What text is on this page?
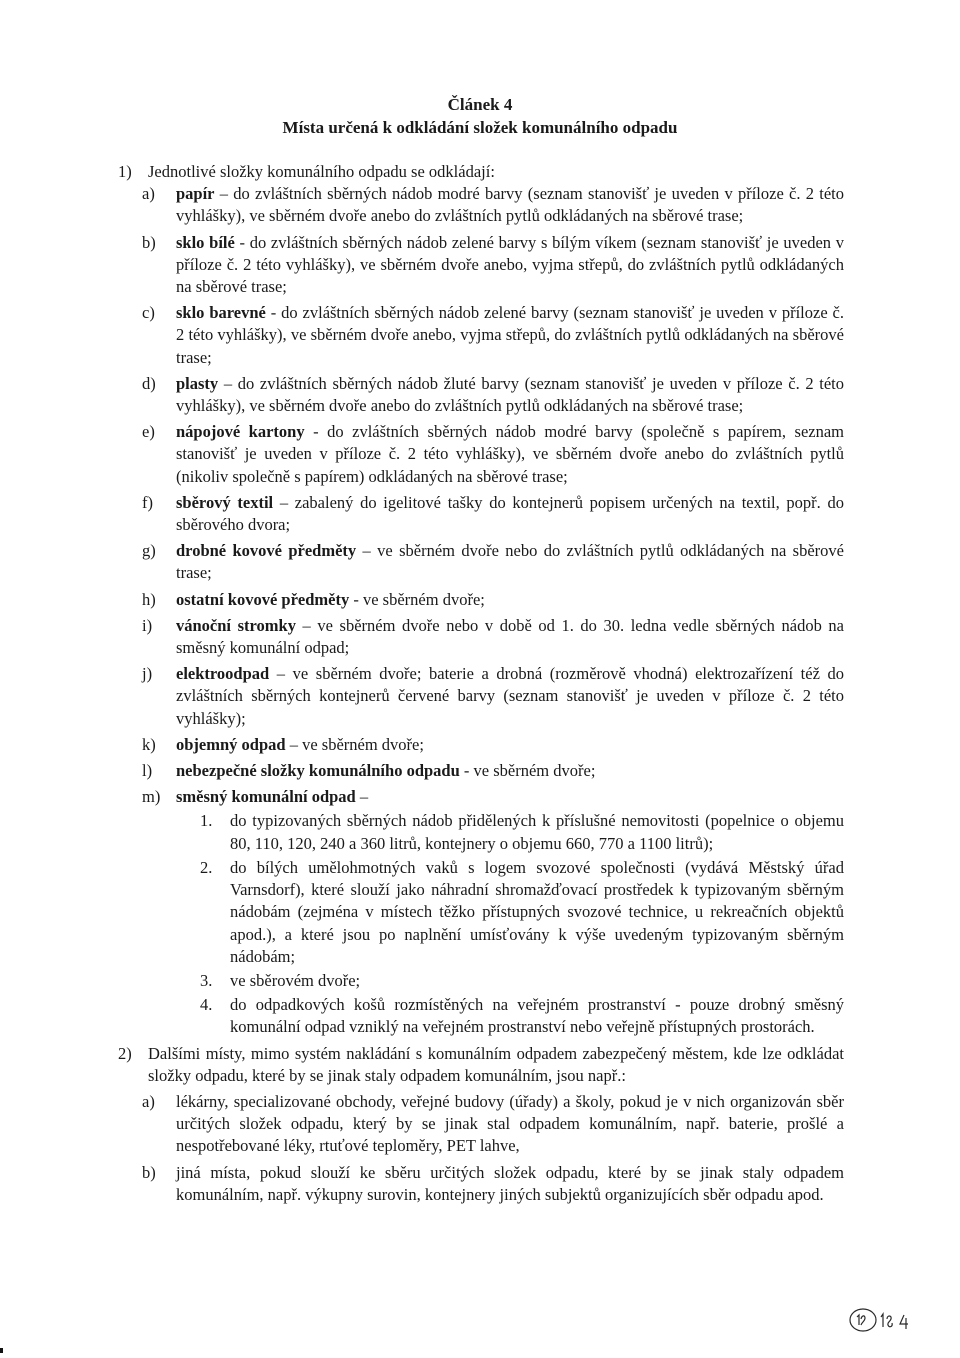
Článek 4
Místa určená k odkládání složek komunálního odpadu
1) Jednotlivé složky komunálního odpadu se odkládají:
a)	papír – do zvláštních sběrných nádob modré barvy (seznam stanovišť je uveden v příloze č. 2 této vyhlášky), ve sběrném dvoře anebo do zvláštních pytlů odkládaných na sběrové trase;
b)	sklo bílé - do zvláštních sběrných nádob zelené barvy s bílým víkem (seznam stanovišť je uveden v příloze č. 2 této vyhlášky), ve sběrném dvoře anebo, vyjma střepů, do zvláštních pytlů odkládaných na sběrové trase;
c)	sklo barevné - do zvláštních sběrných nádob zelené barvy (seznam stanovišť je uveden v příloze č. 2 této vyhlášky), ve sběrném dvoře anebo, vyjma střepů, do zvláštních pytlů odkládaných na sběrové trase;
d)	plasty – do zvláštních sběrných nádob žluté barvy (seznam stanovišť je uveden v příloze č. 2 této vyhlášky), ve sběrném dvoře anebo do zvláštních pytlů odkládaných na sběrové trase;
e)	nápojové kartony - do zvláštních sběrných nádob modré barvy (společně s papírem, seznam stanovišť je uveden v příloze č. 2 této vyhlášky), ve sběrném dvoře anebo do zvláštních pytlů (nikoliv společně s papírem) odkládaných na sběrové trase;
f)	sběrový textil – zabalený do igelitové tašky do kontejnerů popisem určených na textil, popř. do sběrového dvora;
g)	drobné kovové předměty – ve sběrném dvoře nebo do zvláštních pytlů odkládaných na sběrové trase;
h)	ostatní kovové předměty - ve sběrném dvoře;
i)	vánoční stromky – ve sběrném dvoře nebo v době od 1. do 30. ledna vedle sběrných nádob na směsný komunální odpad;
j)	elektroodpad – ve sběrném dvoře; baterie a drobná (rozměrově vhodná) elektrozařízení též do zvláštních sběrných kontejnerů červené barvy (seznam stanovišť je uveden v příloze č. 2 této vyhlášky);
k)	objemný odpad – ve sběrném dvoře;
l)	nebezpečné složky komunálního odpadu - ve sběrném dvoře;
m) směsný komunální odpad –
1.	do typizovaných sběrných nádob přidělených k příslušné nemovitosti (popelnice o objemu 80, 110, 120, 240 a 360 litrů, kontejnery o objemu 660, 770 a 1100 litrů);
2.	do bílých umělohmotných vaků s logem svozové společnosti (vydává Městský úřad Varnsdorf), které slouží jako náhradní shromažďovací prostředek k typizovaným sběrným nádobám (zejména v místech těžko přístupných svozové technice, u rekreačních objektů apod.), a které jsou po naplnění umísťovány k výše uvedeným typizovaným sběrným nádobám;
3.	ve sběrovém dvoře;
4.	do odpadkových košů rozmístěných na veřejném prostranství - pouze drobný směsný komunální odpad vzniklý na veřejném prostranství nebo veřejně přístupných prostorách.
2) Dalšími místy, mimo systém nakládání s komunálním odpadem zabezpečený městem, kde lze odkládat složky odpadu, které by se jinak staly odpadem komunálním, jsou např.:
a)	lékárny, specializované obchody, veřejné budovy (úřady) a školy, pokud je v nich organizován sběr určitých složek odpadu, který by se jinak stal odpadem komunálním, např. baterie, prošlé a nespotřebované léky, rtuťové teploměry, PET lahve,
b)	jiná místa, pokud slouží ke sběru určitých složek odpadu, které by se jinak staly odpadem komunálním, např. výkupny surovin, kontejnery jiných subjektů organizujících sběr odpadu apod.
